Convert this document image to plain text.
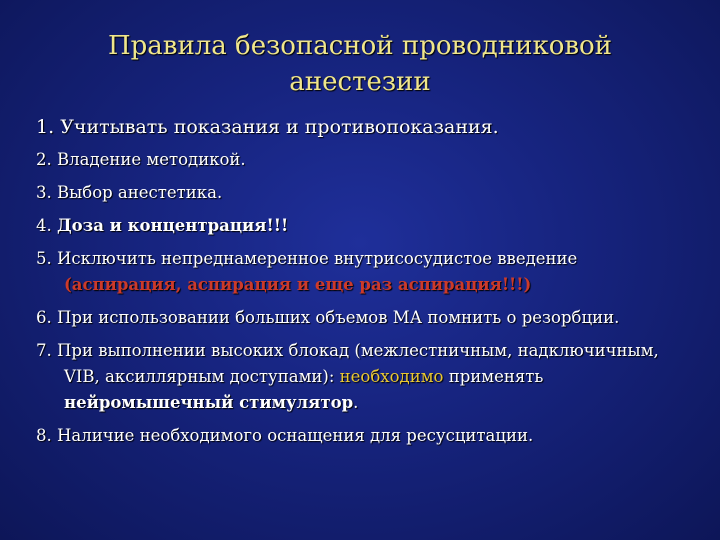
Правила безопасной проводниковой
анестезии
1. Учитывать показания и противопоказания.
2. Владение методикой.
3. Выбор анестетика.
4. Доза и концентрация!!!
5. Исключить непреднамеренное внутрисосудистое введение (аспирация, аспирация и еще раз аспирация!!!)
6. При использовании больших объемов МА помнить о резорбции.
7. При выполнении высоких блокад (межлестничным, надключичным, VIB, аксиллярным доступами): необходимо применять нейромышечный стимулятор.
8. Наличие необходимого оснащения для ресусцитации.
